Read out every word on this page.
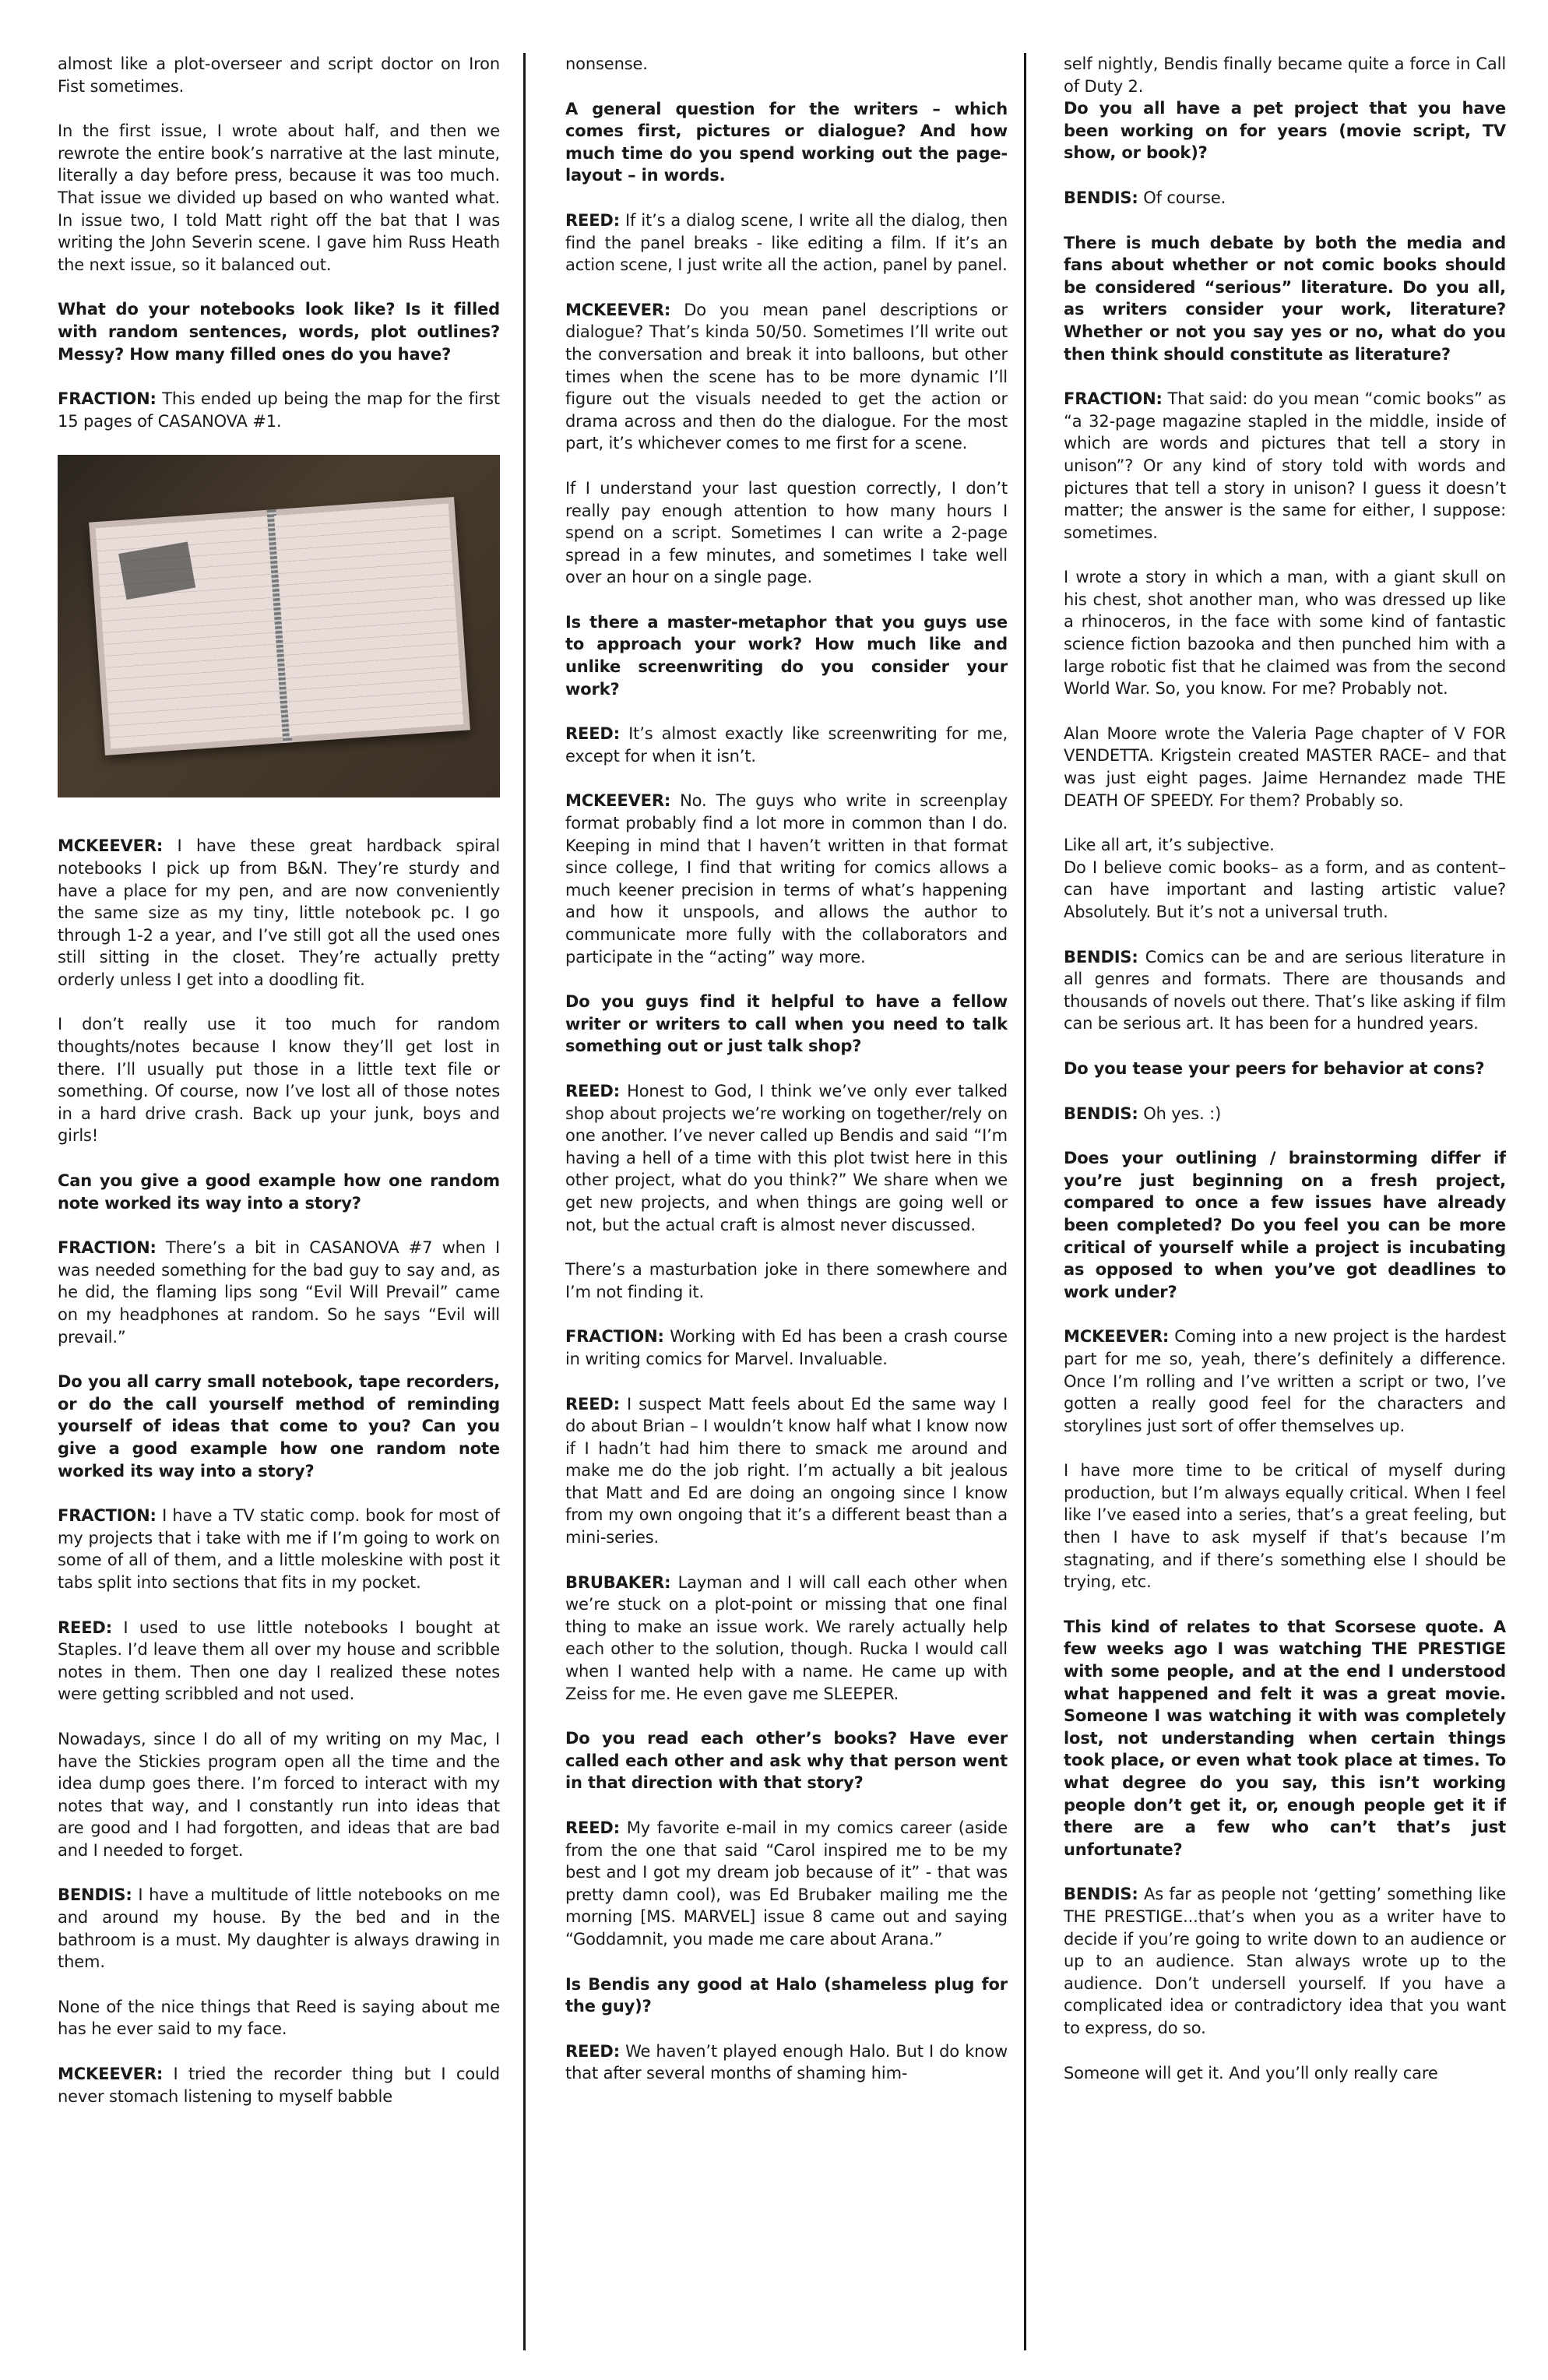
almost like a plot-overseer and script doctor on Iron Fist sometimes.

In the first issue, I wrote about half, and then we rewrote the entire book’s narrative at the last minute, literally a day before press, because it was too much. That issue we divided up based on who wanted what. In issue two, I told Matt right off the bat that I was writing the John Severin scene. I gave him Russ Heath the next issue, so it balanced out.

What do your notebooks look like? Is it filled with random sentences, words, plot outlines? Messy? How many filled ones do you have?

FRACTION: This ended up being the map for the first 15 pages of CASANOVA #1.

MCKEEVER: I have these great hardback spiral notebooks I pick up from B&N. They’re sturdy and have a place for my pen, and are now conveniently the same size as my tiny, little notebook pc. I go through 1-2 a year, and I’ve still got all the used ones still sitting in the closet. They’re actually pretty orderly unless I get into a doodling fit.

I don’t really use it too much for random thoughts/notes because I know they’ll get lost in there. I’ll usually put those in a little text file or something. Of course, now I’ve lost all of those notes in a hard drive crash. Back up your junk, boys and girls!

Can you give a good example how one random note worked its way into a story?

FRACTION: There’s a bit in CASANOVA #7 when I was needed something for the bad guy to say and, as he did, the flaming lips song “Evil Will Prevail” came on my headphones at random. So he says “Evil will prevail.”

Do you all carry small notebook, tape recorders, or do the call yourself method of reminding yourself of ideas that come to you? Can you give a good example how one random note worked its way into a story?

FRACTION: I have a TV static comp. book for most of my projects that i take with me if I’m going to work on some of all of them, and a little moleskine with post it tabs split into sections that fits in my pocket.

REED: I used to use little notebooks I bought at Staples. I’d leave them all over my house and scribble notes in them. Then one day I realized these notes were getting scribbled and not used.

Nowadays, since I do all of my writing on my Mac, I have the Stickies program open all the time and the idea dump goes there. I’m forced to interact with my notes that way, and I constantly run into ideas that are good and I had forgotten, and ideas that are bad and I needed to forget.

BENDIS: I have a multitude of little notebooks on me and around my house. By the bed and in the bathroom is a must. My daughter is always drawing in them.

None of the nice things that Reed is saying about me has he ever said to my face.

MCKEEVER: I tried the recorder thing but I could never stomach listening to myself babble

nonsense.

A general question for the writers – which comes first, pictures or dialogue? And how much time do you spend working out the page-layout – in words.

REED: If it’s a dialog scene, I write all the dialog, then find the panel breaks - like editing a film. If it’s an action scene, I just write all the action, panel by panel.

MCKEEVER: Do you mean panel descriptions or dialogue? That’s kinda 50/50. Sometimes I’ll write out the conversation and break it into balloons, but other times when the scene has to be more dynamic I’ll figure out the visuals needed to get the action or drama across and then do the dialogue. For the most part, it’s whichever comes to me first for a scene.

If I understand your last question correctly, I don’t really pay enough attention to how many hours I spend on a script. Sometimes I can write a 2-page spread in a few minutes, and sometimes I take well over an hour on a single page.

Is there a master-metaphor that you guys use to approach your work? How much like and unlike screenwriting do you consider your work?

REED: It’s almost exactly like screenwriting for me, except for when it isn’t.

MCKEEVER: No. The guys who write in screenplay format probably find a lot more in common than I do. Keeping in mind that I haven’t written in that format since college, I find that writing for comics allows a much keener precision in terms of what’s happening and how it unspools, and allows the author to communicate more fully with the collaborators and participate in the “acting” way more.

Do you guys find it helpful to have a fellow writer or writers to call when you need to talk something out or just talk shop?

REED: Honest to God, I think we’ve only ever talked shop about projects we’re working on together/rely on one another. I’ve never called up Bendis and said “I’m having a hell of a time with this plot twist here in this other project, what do you think?” We share when we get new projects, and when things are going well or not, but the actual craft is almost never discussed.

There’s a masturbation joke in there somewhere and I’m not finding it.

FRACTION: Working with Ed has been a crash course in writing comics for Marvel. Invaluable.

REED: I suspect Matt feels about Ed the same way I do about Brian – I wouldn’t know half what I know now if I hadn’t had him there to smack me around and make me do the job right. I’m actually a bit jealous that Matt and Ed are doing an ongoing since I know from my own ongoing that it’s a different beast than a mini-series.

BRUBAKER: Layman and I will call each other when we’re stuck on a plot-point or missing that one final thing to make an issue work. We rarely actually help each other to the solution, though. Rucka I would call when I wanted help with a name. He came up with Zeiss for me. He even gave me SLEEPER.

Do you read each other’s books? Have ever called each other and ask why that person went in that direction with that story?

REED: My favorite e-mail in my comics career (aside from the one that said “Carol inspired me to be my best and I got my dream job because of it” - that was pretty damn cool), was Ed Brubaker mailing me the morning [MS. MARVEL] issue 8 came out and saying “Goddamnit, you made me care about Arana.”

Is Bendis any good at Halo (shameless plug for the guy)?

REED: We haven’t played enough Halo. But I do know that after several months of shaming him-

self nightly, Bendis finally became quite a force in Call of Duty 2.

Do you all have a pet project that you have been working on for years (movie script, TV show, or book)?

BENDIS: Of course.

There is much debate by both the media and fans about whether or not comic books should be considered “serious” literature. Do you all, as writers consider your work, literature? Whether or not you say yes or no, what do you then think should constitute as literature?

FRACTION: That said: do you mean “comic books” as “a 32-page magazine stapled in the middle, inside of which are words and pictures that tell a story in unison”? Or any kind of story told with words and pictures that tell a story in unison? I guess it doesn’t matter; the answer is the same for either, I suppose: sometimes.

I wrote a story in which a man, with a giant skull on his chest, shot another man, who was dressed up like a rhinoceros, in the face with some kind of fantastic science fiction bazooka and then punched him with a large robotic fist that he claimed was from the second World War. So, you know. For me? Probably not.

Alan Moore wrote the Valeria Page chapter of V FOR VENDETTA. Krigstein created MASTER RACE– and that was just eight pages. Jaime Hernandez made THE DEATH OF SPEEDY. For them? Probably so.

Like all art, it’s subjective.

Do I believe comic books– as a form, and as content– can have important and lasting artistic value? Absolutely. But it’s not a universal truth.

BENDIS: Comics can be and are serious literature in all genres and formats. There are thousands and thousands of novels out there. That’s like asking if film can be serious art. It has been for a hundred years.

Do you tease your peers for behavior at cons?

BENDIS: Oh yes. :)

Does your outlining / brainstorming differ if you’re just beginning on a fresh project, compared to once a few issues have already been completed? Do you feel you can be more critical of yourself while a project is incubating as opposed to when you’ve got deadlines to work under?

MCKEEVER: Coming into a new project is the hardest part for me so, yeah, there’s definitely a difference. Once I’m rolling and I’ve written a script or two, I’ve gotten a really good feel for the characters and storylines just sort of offer themselves up.

I have more time to be critical of myself during production, but I’m always equally critical. When I feel like I’ve eased into a series, that’s a great feeling, but then I have to ask myself if that’s because I’m stagnating, and if there’s something else I should be trying, etc.

This kind of relates to that Scorsese quote. A few weeks ago I was watching THE PRESTIGE with some people, and at the end I understood what happened and felt it was a great movie. Someone I was watching it with was completely lost, not understanding when certain things took place, or even what took place at times. To what degree do you say, this isn’t working people don’t get it, or, enough people get it if there are a few who can’t that’s just unfortunate?

BENDIS: As far as people not ‘getting’ something like THE PRESTIGE...that’s when you as a writer have to decide if you’re going to write down to an audience or up to an audience. Stan always wrote up to the audience. Don’t undersell yourself. If you have a complicated idea or contradictory idea that you want to express, do so.

Someone will get it. And you’ll only really care
